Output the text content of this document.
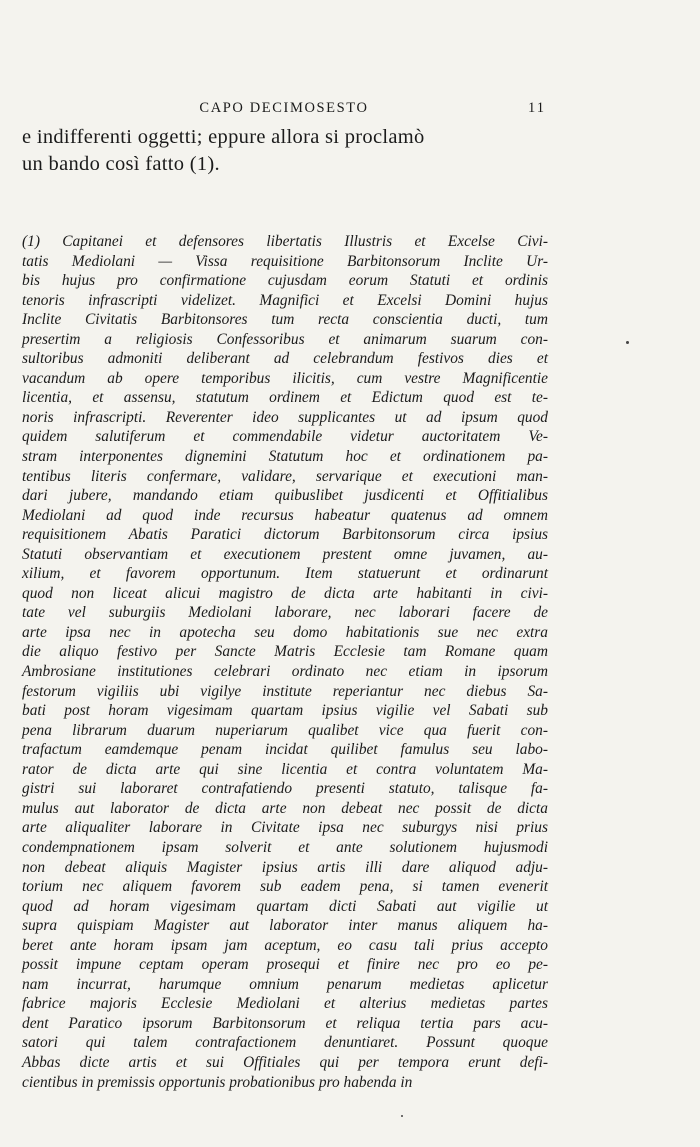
CAPO DECIMOSESTO	11
e indifferenti oggetti; eppure allora si proclamò
un bando così fatto (1).
(1) Capitanei et defensores libertatis Illustris et Excelse Civi-
tatis Mediolani — Vissa requisitione Barbitonsorum Inclite Ur-
bis hujus pro confirmatione cujusdam eorum Statuti et ordinis
tenoris infrascripti videlizet. Magnifici et Excelsi Domini hujus
Inclite Civitatis Barbitonsores tum recta conscientia ducti, tum
presertim a religiosis Confessoribus et animarum suarum con-
sultoribus admoniti deliberant ad celebrandum festivos dies et
vacandum ab opere temporibus ilicitis, cum vestre Magnificentie
licentia, et assensu, statutum ordinem et Edictum quod est te-
noris infrascripti. Reverenter ideo supplicantes ut ad ipsum quod
quidem salutiferum et commendabile videtur auctoritatem Ve-
stram interponentes dignemini Statutum hoc et ordinationem pa-
tentibus literis confermare, validare, servarique et executioni man-
dari jubere, mandando etiam quibuslibet jusdicenti et Offitialibus
Mediolani ad quod inde recursus habeatur quatenus ad omnem
requisitionem Abatis Paratici dictorum Barbitonsorum circa ipsius
Statuti observantiam et executionem prestent omne juvamen, au-
xilium, et favorem opportunum. Item statuerunt et ordinarunt
quod non liceat alicui magistro de dicta arte habitanti in civi-
tate vel suburgiis Mediolani laborare, nec laborari facere de
arte ipsa nec in apotecha seu domo habitationis sue nec extra
die aliquo festivo per Sancte Matris Ecclesie tam Romane quam
Ambrosiane institutiones celebrari ordinato nec etiam in ipsorum
festorum vigiliis ubi vigilye institute reperiantur nec diebus Sa-
bati post horam vigesimam quartam ipsius vigilie vel Sabati sub
pena librarum duarum nuperiarum qualibet vice qua fuerit con-
trafactum eamdemque penam incidat quilibet famulus seu labo-
rator de dicta arte qui sine licentia et contra voluntatem Ma-
gistri sui laboraret contrafatiendo presenti statuto, talisque fa-
mulus aut laborator de dicta arte non debeat nec possit de dicta
arte aliqualiter laborare in Civitate ipsa nec suburgys nisi prius
condempnationem ipsam solverit et ante solutionem hujusmodi
non debeat aliquis Magister ipsius artis illi dare aliquod adju-
torium nec aliquem favorem sub eadem pena, si tamen evenerit
quod ad horam vigesimam quartam dicti Sabati aut vigilie ut
supra quispiam Magister aut laborator inter manus aliquem ha-
beret ante horam ipsam jam aceptum, eo casu tali prius accepto
possit impune ceptam operam prosequi et finire nec pro eo pe-
nam incurrat, harumque omnium penarum medietas aplicetur
fabrice majoris Ecclesie Mediolani et alterius medietas partes
dent Paratico ipsorum Barbitonsorum et reliqua tertia pars acu-
satori qui talem contrafactionem denuntiaret. Possunt quoque
Abbas dicte artis et sui Offitiales qui per tempora erunt defi-
cientibus in premissis opportunis probationibus pro habenda in
